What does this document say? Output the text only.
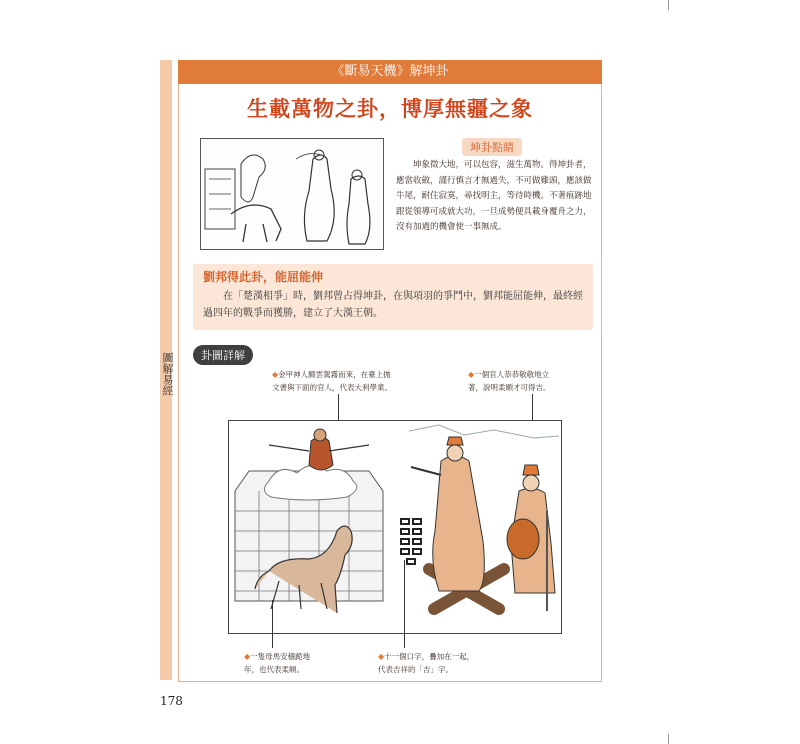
圖解易經
《斷易天機》解坤卦
生載萬物之卦，博厚無疆之象
坤卦點睛
坤象徵大地，可以包容，滋生萬物。得坤卦者，應當收斂，謹行慎言才無過失，不可做雞頭，應該做牛尾，耐住寂寞，尋找明主，等待時機。不著痕跡地跟從領導可成就大功，一旦成勢便具載身覆舟之力，沒有加過的機會使一事無成。
劉邦得此卦，能屈能伸
在「楚漢相爭」時，劉邦曾占得坤卦，在與項羽的爭鬥中，劉邦能屈能伸，最終經過四年的戰爭而獲勝，建立了大漢王朝。
卦圖詳解
◆金甲神人騎雲駕霧而來，在臺上拋
文書與下面的官人，代表大利學業。
◆一個官人恭恭敬敬地立
著，說明柔順才可得吉。
◆一隻母馬安穩跪地
年，也代表柔順。
◆十一個口字，疊加在一起，
代表吉祥的「吉」字。
178
